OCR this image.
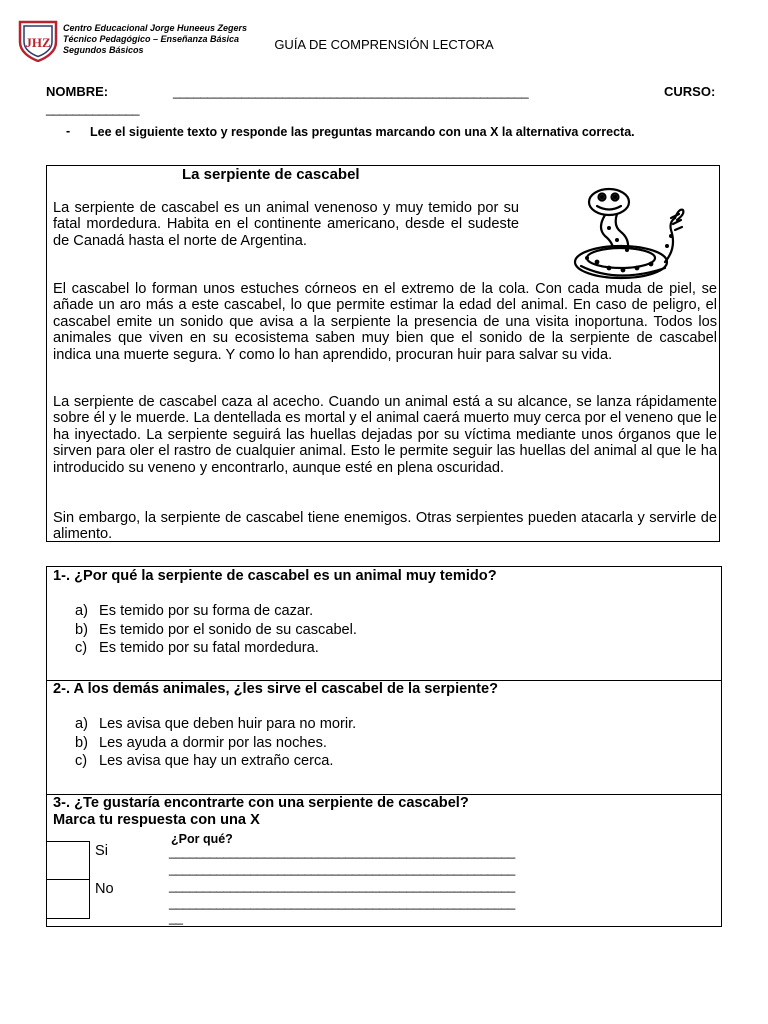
JHZ
Centro Educacional Jorge Huneeus Zegers
Técnico Pedagógico – Enseñanza Básica
Segundos Básicos	GUÍA DE COMPRENSIÓN LECTORA
NOMBRE:	____________________________________________________	CURSO:
______________
- Lee el siguiente texto y responde las preguntas marcando con una X la alternativa correcta.
La serpiente de cascabel
La serpiente de cascabel es un animal venenoso y muy temido por su fatal mordedura. Habita en el continente americano, desde el sudeste de Canadá hasta el norte de Argentina.
El cascabel lo forman unos estuches córneos en el extremo de la cola. Con cada muda de piel, se añade un aro más a este cascabel, lo que permite estimar la edad del animal. En caso de peligro, el cascabel emite un sonido que avisa a la serpiente la presencia de una visita inoportuna. Todos los animales que viven en su ecosistema saben muy bien que el sonido de la serpiente de cascabel indica una muerte segura. Y como lo han aprendido, procuran huir para salvar su vida.
La serpiente de cascabel caza al acecho. Cuando un animal está a su alcance, se lanza rápidamente sobre él y le muerde. La dentellada es mortal y el animal caerá muerto muy cerca por el veneno que le ha inyectado. La serpiente seguirá las huellas dejadas por su víctima mediante unos órganos que le sirven para oler el rastro de cualquier animal. Esto le permite seguir las huellas del animal al que le ha introducido su veneno y encontrarlo, aunque esté en plena oscuridad.
Sin embargo, la serpiente de cascabel tiene enemigos. Otras serpientes pueden atacarla y servirle de alimento.
1-. ¿Por qué la serpiente de cascabel es un animal muy temido?
a) Es temido por su forma de cazar.
b) Es temido por el sonido de su cascabel.
c) Es temido por su fatal mordedura.
2-. A los demás animales, ¿les sirve el cascabel de la serpiente?
a) Les avisa que deben huir para no morir.
b) Les ayuda a dormir por las noches.
c) Les avisa que hay un extraño cerca.
3-. ¿Te gustaría encontrarte con una serpiente de cascabel?
Marca tu respuesta con una X
Si
No
¿Por qué?
___________________________________________________
___________________________________________________
___________________________________________________
___________________________________________________
__
